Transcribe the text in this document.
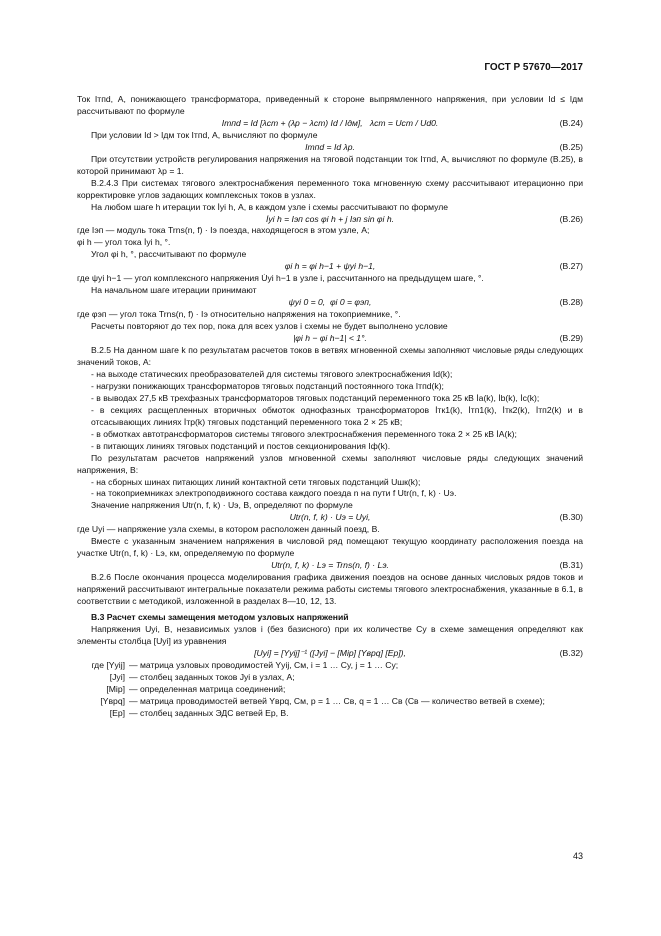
ГОСТ Р 57670—2017

Ток Iтпd, А, понижающего трансформатора, приведенный к стороне выпрямленного напряжения, при условии Id ≤ Iдм рассчитывают по формуле

Iтпd = Id [λст + (λр − λст) Id / Iдм],   λст = Uст / Ud0.	(В.24)

При условии Id > Iдм ток Iтпd, А, вычисляют по формуле

Iтпd = Id λр.	(В.25)

При отсутствии устройств регулирования напряжения на тяговой подстанции ток Iтпd, А, вычисляют по формуле (В.25), в которой принимают λр = 1.

В.2.4.3 При системах тягового электроснабжения переменного тока мгновенную схему рассчитывают итерационно при корректировке углов задающих комплексных токов в узлах.

На любом шаге h итерации ток İyi h, А, в каждом узле i схемы рассчитывают по формуле

İyi h = Iэп cos φi h + j Iэп sin φi h.	(В.26)

где Iэп — модуль тока Trns(n, f) · Iэ поезда, находящегося в этом узле, А;

φi h — угол тока İyi h, °.

Угол φi h, °, рассчитывают по формуле

φi h = φi h−1 + ψyi h−1,	(В.27)

где ψyi h−1 — угол комплексного напряжения U̇yi h−1 в узле i, рассчитанного на предыдущем шаге, °.

На начальном шаге итерации принимают

ψyi 0 = 0,  φi 0 = φэп,	(В.28)

где φэп — угол тока Trns(n, f) · Iэ относительно напряжения на токоприемнике, °.

Расчеты повторяют до тех пор, пока для всех узлов i схемы не будет выполнено условие

|φi h − φi h−1| < 1°.	(В.29)

В.2.5 На данном шаге k по результатам расчетов токов в ветвях мгновенной схемы заполняют числовые ряды следующих значений токов, А:

- на выходе статических преобразователей для системы тягового электроснабжения Id(k);

- нагрузки понижающих трансформаторов тяговых подстанций постоянного тока Iтпd(k);

- в выводах 27,5 кВ трехфазных трансформаторов тяговых подстанций переменного тока 25 кВ İa(k), İb(k), İc(k);

- в секциях расщепленных вторичных обмоток однофазных трансформаторов İтк1(k), İтп1(k), İтк2(k), İтп2(k) и в отсасывающих линиях İтр(k) тяговых подстанций переменного тока 2 × 25 кВ;

- в обмотках автотрансформаторов системы тягового электроснабжения переменного тока 2 × 25 кВ İA(k);

- в питающих линиях тяговых подстанций и постов секционирования Iф(k).

По результатам расчетов напряжений узлов мгновенной схемы заполняют числовые ряды следующих значений напряжения, В:

- на сборных шинах питающих линий контактной сети тяговых подстанций Uшк(k);

- на токоприемниках электроподвижного состава каждого поезда n на пути f Utr(n, f, k) · Uэ.

Значение напряжения Utr(n, f, k) · Uэ, В, определяют по формуле

Utr(n, f, k) · Uэ = Uyi,	(В.30)

где Uyi — напряжение узла схемы, в котором расположен данный поезд, В.

Вместе с указанным значением напряжения в числовой ряд помещают текущую координату расположения поезда на участке Utr(n, f, k) · Lэ, км, определяемую по формуле

Utr(n, f, k) · Lэ = Trns(n, f) · Lэ.	(В.31)

В.2.6 После окончания процесса моделирования графика движения поездов на основе данных числовых рядов токов и напряжений рассчитывают интегральные показатели режима работы системы тягового электроснабжения, указанные в 6.1, в соответствии с методикой, изложенной в разделах 8—10, 12, 13.

В.3 Расчет схемы замещения методом узловых напряжений

Напряжения Uyi, В, независимых узлов i (без базисного) при их количестве Cy в схеме замещения определяют как элементы столбца [Uyi] из уравнения

[Uyi] = [Yyij]⁻¹ ([Jyi] − [Mip] [Yвpq] [Ep]),	(В.32)
где [Yyij] — матрица узловых проводимостей Yyij, См, i = 1 … Cy, j = 1 … Cy;
[Jyi] — столбец заданных токов Jyi в узлах, А;
[Mip] — определенная матрица соединений;
[Yвpq] — матрица проводимостей ветвей Yвpq, См, p = 1 … Cв, q = 1 … Cв (Cв — количество ветвей в схеме);
[Ep] — столбец заданных ЭДС ветвей Ep, В.
43
